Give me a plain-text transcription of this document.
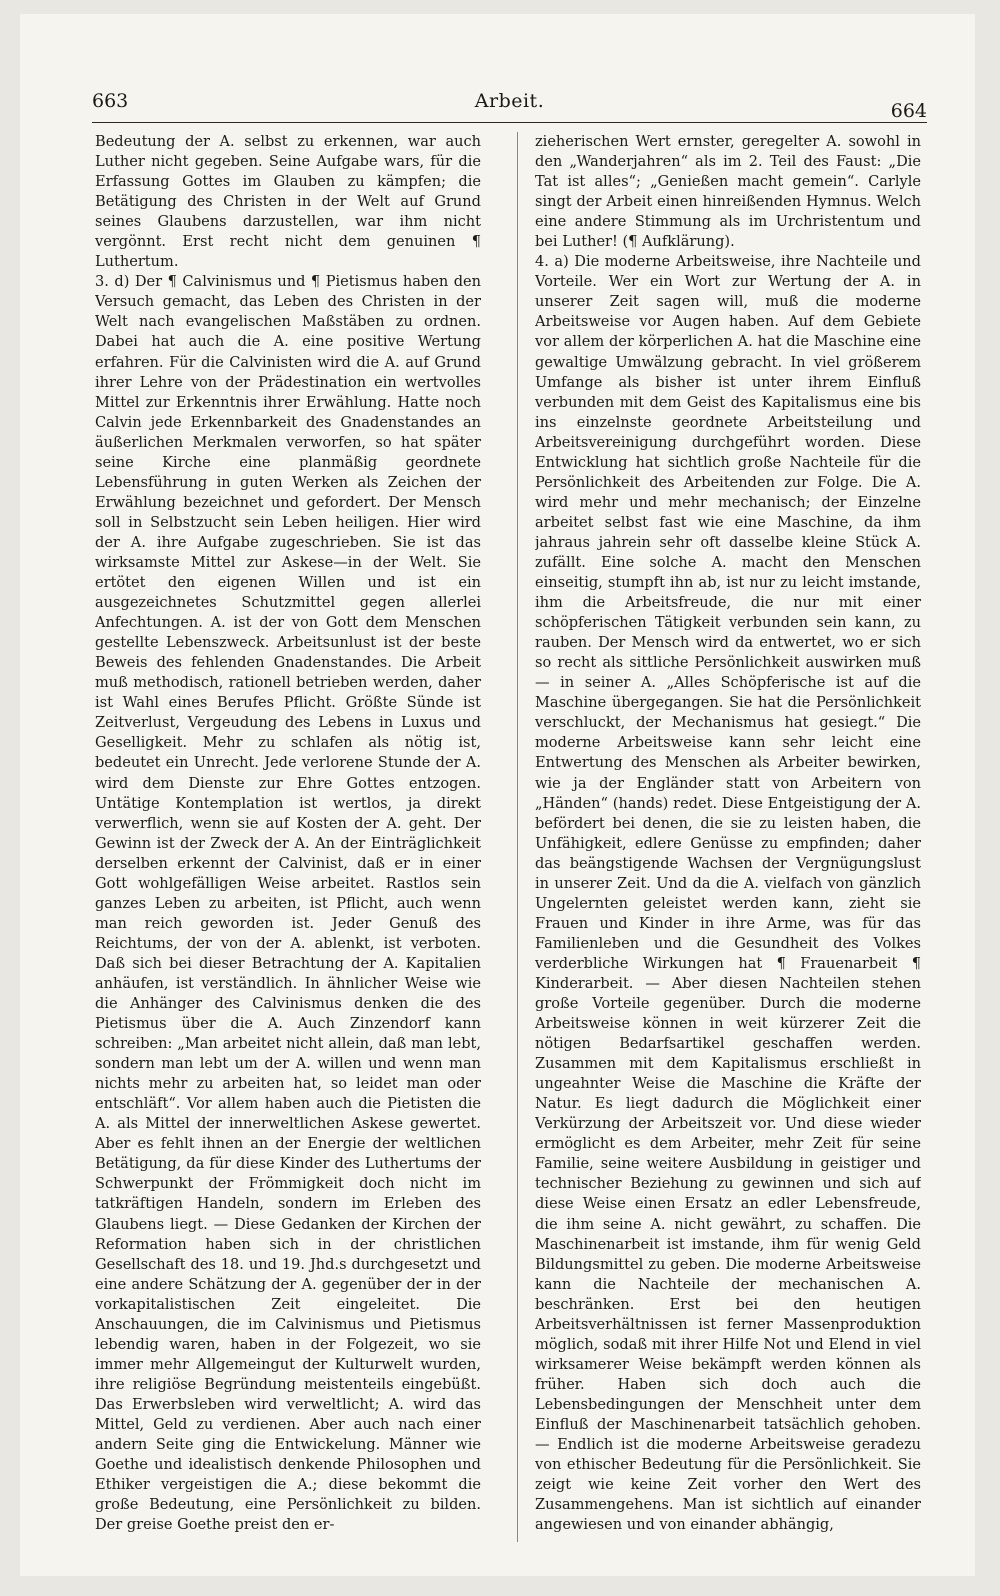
663	Arbeit.	664

Bedeutung der A. selbst zu erkennen, war auch Luther nicht gegeben. Seine Aufgabe wars, für die Erfassung Gottes im Glauben zu kämpfen; die Betätigung des Christen in der Welt auf Grund seines Glaubens darzustellen, war ihm nicht vergönnt. Erst recht nicht dem genuinen ¶ Luthertum.

3. d) Der ¶ Calvinismus und ¶ Pietismus haben den Versuch gemacht, das Leben des Christen in der Welt nach evangelischen Maßstäben zu ordnen. Dabei hat auch die A. eine positive Wertung erfahren. Für die Calvinisten wird die A. auf Grund ihrer Lehre von der Prädestination ein wertvolles Mittel zur Erkenntnis ihrer Erwählung. Hatte noch Calvin jede Erkennbarkeit des Gnadenstandes an äußerlichen Merkmalen verworfen, so hat später seine Kirche eine planmäßig geordnete Lebensführung in guten Werken als Zeichen der Erwählung bezeichnet und gefordert. Der Mensch soll in Selbstzucht sein Leben heiligen. Hier wird der A. ihre Aufgabe zugeschrieben. Sie ist das wirksamste Mittel zur Askese—in der Welt. Sie ertötet den eigenen Willen und ist ein ausgezeichnetes Schutzmittel gegen allerlei Anfechtungen. A. ist der von Gott dem Menschen gestellte Lebenszweck. Arbeitsunlust ist der beste Beweis des fehlenden Gnadenstandes. Die Arbeit muß methodisch, rationell betrieben werden, daher ist Wahl eines Berufes Pflicht. Größte Sünde ist Zeitverlust, Vergeudung des Lebens in Luxus und Geselligkeit. Mehr zu schlafen als nötig ist, bedeutet ein Unrecht. Jede verlorene Stunde der A. wird dem Dienste zur Ehre Gottes entzogen. Untätige Kontemplation ist wertlos, ja direkt verwerflich, wenn sie auf Kosten der A. geht. Der Gewinn ist der Zweck der A. An der Einträglichkeit derselben erkennt der Calvinist, daß er in einer Gott wohlgefälligen Weise arbeitet. Rastlos sein ganzes Leben zu arbeiten, ist Pflicht, auch wenn man reich geworden ist. Jeder Genuß des Reichtums, der von der A. ablenkt, ist verboten. Daß sich bei dieser Betrachtung der A. Kapitalien anhäufen, ist verständlich. In ähnlicher Weise wie die Anhänger des Calvinismus denken die des Pietismus über die A. Auch Zinzendorf kann schreiben: „Man arbeitet nicht allein, daß man lebt, sondern man lebt um der A. willen und wenn man nichts mehr zu arbeiten hat, so leidet man oder entschläft“. Vor allem haben auch die Pietisten die A. als Mittel der innerweltlichen Askese gewertet. Aber es fehlt ihnen an der Energie der weltlichen Betätigung, da für diese Kinder des Luthertums der Schwerpunkt der Frömmigkeit doch nicht im tatkräftigen Handeln, sondern im Erleben des Glaubens liegt. — Diese Gedanken der Kirchen der Reformation haben sich in der christlichen Gesellschaft des 18. und 19. Jhd.s durchgesetzt und eine andere Schätzung der A. gegenüber der in der vorkapitalistischen Zeit eingeleitet. Die Anschauungen, die im Calvinismus und Pietismus lebendig waren, haben in der Folgezeit, wo sie immer mehr Allgemeingut der Kulturwelt wurden, ihre religiöse Begründung meistenteils eingebüßt. Das Erwerbsleben wird verweltlicht; A. wird das Mittel, Geld zu verdienen. Aber auch nach einer andern Seite ging die Entwickelung. Männer wie Goethe und idealistisch denkende Philosophen und Ethiker vergeistigen die A.; diese bekommt die große Bedeutung, eine Persönlichkeit zu bilden. Der greise Goethe preist den er-

zieherischen Wert ernster, geregelter A. sowohl in den „Wanderjahren“ als im 2. Teil des Faust: „Die Tat ist alles“; „Genießen macht gemein“. Carlyle singt der Arbeit einen hinreißenden Hymnus. Welch eine andere Stimmung als im Urchristentum und bei Luther! (¶ Aufklärung).

4. a) Die moderne Arbeitsweise, ihre Nachteile und Vorteile. Wer ein Wort zur Wertung der A. in unserer Zeit sagen will, muß die moderne Arbeitsweise vor Augen haben. Auf dem Gebiete vor allem der körperlichen A. hat die Maschine eine gewaltige Umwälzung gebracht. In viel größerem Umfange als bisher ist unter ihrem Einfluß verbunden mit dem Geist des Kapitalismus eine bis ins einzelnste geordnete Arbeitsteilung und Arbeitsvereinigung durchgeführt worden. Diese Entwicklung hat sichtlich große Nachteile für die Persönlichkeit des Arbeitenden zur Folge. Die A. wird mehr und mehr mechanisch; der Einzelne arbeitet selbst fast wie eine Maschine, da ihm jahraus jahrein sehr oft dasselbe kleine Stück A. zufällt. Eine solche A. macht den Menschen einseitig, stumpft ihn ab, ist nur zu leicht imstande, ihm die Arbeitsfreude, die nur mit einer schöpferischen Tätigkeit verbunden sein kann, zu rauben. Der Mensch wird da entwertet, wo er sich so recht als sittliche Persönlichkeit auswirken muß — in seiner A. „Alles Schöpferische ist auf die Maschine übergegangen. Sie hat die Persönlichkeit verschluckt, der Mechanismus hat gesiegt.“ Die moderne Arbeitsweise kann sehr leicht eine Entwertung des Menschen als Arbeiter bewirken, wie ja der Engländer statt von Arbeitern von „Händen“ (hands) redet. Diese Entgeistigung der A. befördert bei denen, die sie zu leisten haben, die Unfähigkeit, edlere Genüsse zu empfinden; daher das beängstigende Wachsen der Vergnügungslust in unserer Zeit. Und da die A. vielfach von gänzlich Ungelernten geleistet werden kann, zieht sie Frauen und Kinder in ihre Arme, was für das Familienleben und die Gesundheit des Volkes verderbliche Wirkungen hat ¶ Frauenarbeit ¶ Kinderarbeit. — Aber diesen Nachteilen stehen große Vorteile gegenüber. Durch die moderne Arbeitsweise können in weit kürzerer Zeit die nötigen Bedarfsartikel geschaffen werden. Zusammen mit dem Kapitalismus erschließt in ungeahnter Weise die Maschine die Kräfte der Natur. Es liegt dadurch die Möglichkeit einer Verkürzung der Arbeitszeit vor. Und diese wieder ermöglicht es dem Arbeiter, mehr Zeit für seine Familie, seine weitere Ausbildung in geistiger und technischer Beziehung zu gewinnen und sich auf diese Weise einen Ersatz an edler Lebensfreude, die ihm seine A. nicht gewährt, zu schaffen. Die Maschinenarbeit ist imstande, ihm für wenig Geld Bildungsmittel zu geben. Die moderne Arbeitsweise kann die Nachteile der mechanischen A. beschränken. Erst bei den heutigen Arbeitsverhältnissen ist ferner Massenproduktion möglich, sodaß mit ihrer Hilfe Not und Elend in viel wirksamerer Weise bekämpft werden können als früher. Haben sich doch auch die Lebensbedingungen der Menschheit unter dem Einfluß der Maschinenarbeit tatsächlich gehoben. — Endlich ist die moderne Arbeitsweise geradezu von ethischer Bedeutung für die Persönlichkeit. Sie zeigt wie keine Zeit vorher den Wert des Zusammengehens. Man ist sichtlich auf einander angewiesen und von einander abhängig,
